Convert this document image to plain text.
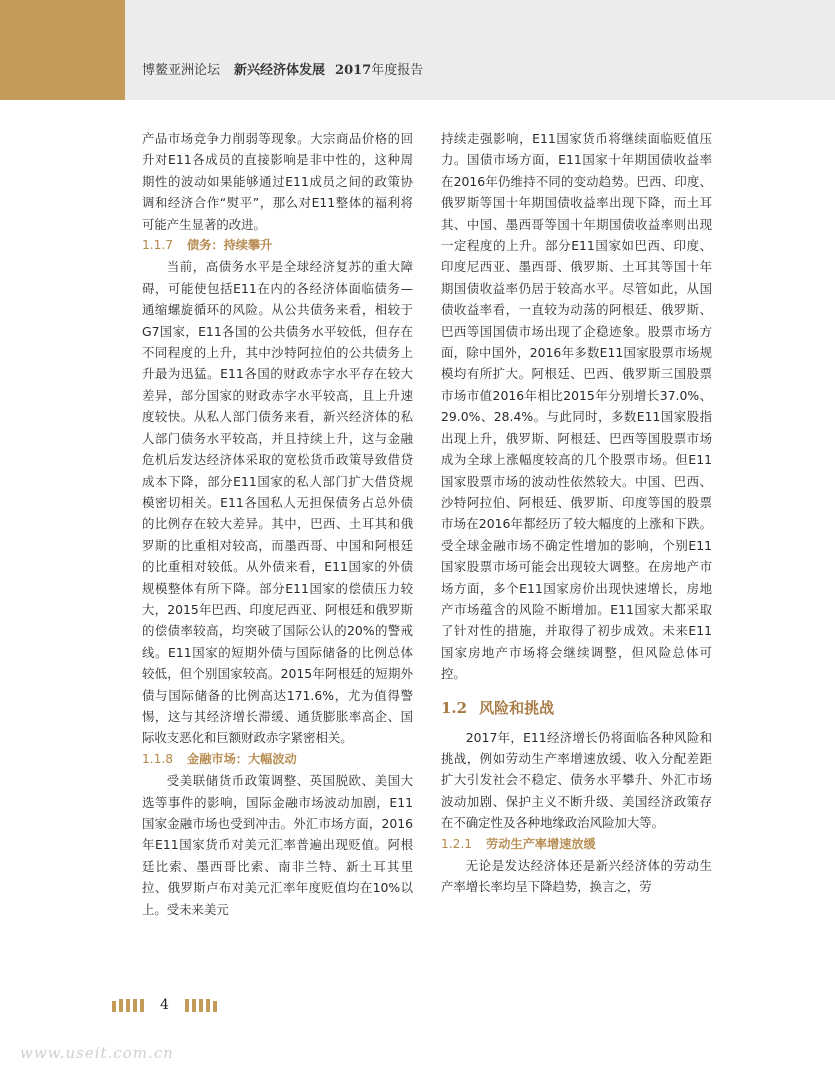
博鳌亚洲论坛 新兴经济体发展 2017年度报告

产品市场竞争力削弱等现象。大宗商品价格的回升对E11各成员的直接影响是非中性的，这种周期性的波动如果能够通过E11成员之间的政策协调和经济合作“熨平”，那么对E11整体的福利将可能产生显著的改进。

1.1.7 债务：持续攀升

当前，高债务水平是全球经济复苏的重大障碍，可能使包括E11在内的各经济体面临债务—通缩螺旋循环的风险。从公共债务来看，相较于G7国家，E11各国的公共债务水平较低，但存在不同程度的上升，其中沙特阿拉伯的公共债务上升最为迅猛。E11各国的财政赤字水平存在较大差异，部分国家的财政赤字水平较高，且上升速度较快。从私人部门债务来看，新兴经济体的私人部门债务水平较高，并且持续上升，这与金融危机后发达经济体采取的宽松货币政策导致借贷成本下降，部分E11国家的私人部门扩大借贷规模密切相关。E11各国私人无担保债务占总外债的比例存在较大差异。其中，巴西、土耳其和俄罗斯的比重相对较高，而墨西哥、中国和阿根廷的比重相对较低。从外债来看，E11国家的外债规模整体有所下降。部分E11国家的偿债压力较大，2015年巴西、印度尼西亚、阿根廷和俄罗斯的偿债率较高，均突破了国际公认的20%的警戒线。E11国家的短期外债与国际储备的比例总体较低，但个别国家较高。2015年阿根廷的短期外债与国际储备的比例高达171.6%，尤为值得警惕，这与其经济增长滞缓、通货膨胀率高企、国际收支恶化和巨额财政赤字紧密相关。

1.1.8 金融市场：大幅波动

受美联储货币政策调整、英国脱欧、美国大选等事件的影响，国际金融市场波动加剧，E11国家金融市场也受到冲击。外汇市场方面，2016年E11国家货币对美元汇率普遍出现贬值。阿根廷比索、墨西哥比索、南非兰特、新土耳其里拉、俄罗斯卢布对美元汇率年度贬值均在10%以上。受未来美元

持续走强影响，E11国家货币将继续面临贬值压力。国债市场方面，E11国家十年期国债收益率在2016年仍维持不同的变动趋势。巴西、印度、俄罗斯等国十年期国债收益率出现下降，而土耳其、中国、墨西哥等国十年期国债收益率则出现一定程度的上升。部分E11国家如巴西、印度、印度尼西亚、墨西哥、俄罗斯、土耳其等国十年期国债收益率仍居于较高水平。尽管如此，从国债收益率看，一直较为动荡的阿根廷、俄罗斯、巴西等国国债市场出现了企稳迹象。股票市场方面，除中国外，2016年多数E11国家股票市场规模均有所扩大。阿根廷、巴西、俄罗斯三国股票市场市值2016年相比2015年分别增长37.0%、29.0%、28.4%。与此同时，多数E11国家股指出现上升，俄罗斯、阿根廷、巴西等国股票市场成为全球上涨幅度较高的几个股票市场。但E11国家股票市场的波动性依然较大。中国、巴西、沙特阿拉伯、阿根廷、俄罗斯、印度等国的股票市场在2016年都经历了较大幅度的上涨和下跌。受全球金融市场不确定性增加的影响，个别E11国家股票市场可能会出现较大调整。在房地产市场方面，多个E11国家房价出现快速增长，房地产市场蕴含的风险不断增加。E11国家大都采取了针对性的措施，并取得了初步成效。未来E11国家房地产市场将会继续调整，但风险总体可控。

1.2 风险和挑战

2017年，E11经济增长仍将面临各种风险和挑战，例如劳动生产率增速放缓、收入分配差距扩大引发社会不稳定、债务水平攀升、外汇市场波动加剧、保护主义不断升级、美国经济政策存在不确定性及各种地缘政治风险加大等。

1.2.1 劳动生产率增速放缓

无论是发达经济体还是新兴经济体的劳动生产率增长率均呈下降趋势，换言之，劳

4
www.useit.com.cn
